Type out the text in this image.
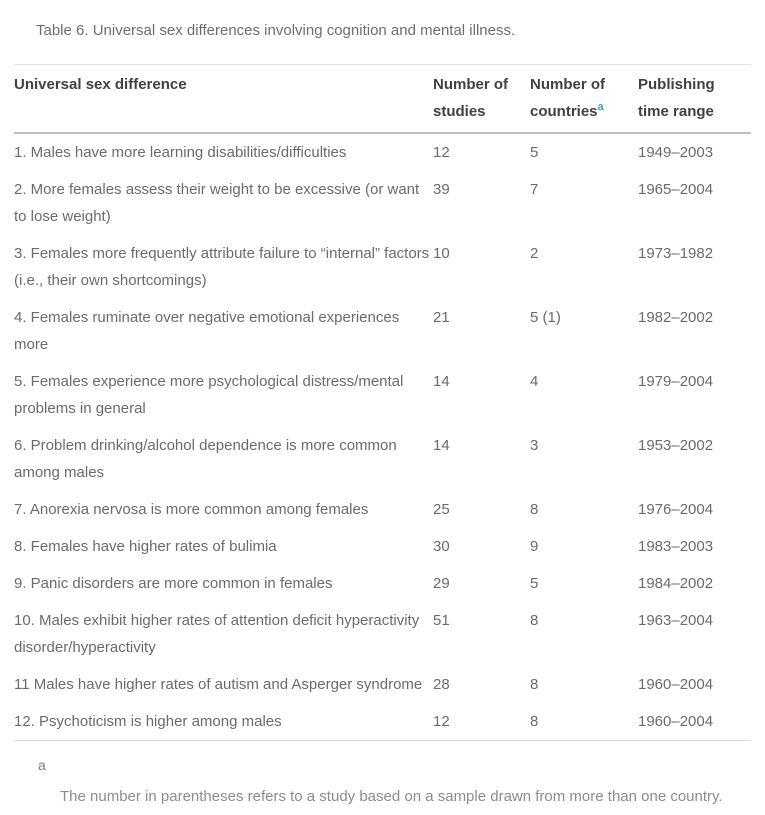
Table 6. Universal sex differences involving cognition and mental illness.
Universal sex difference	Number of studies	Number of countries$^a$	Publishing time range
1. Males have more learning disabilities/difficulties	12	5	1949–2003
2. More females assess their weight to be excessive (or want to lose weight)	39	7	1965–2004
3. Females more frequently attribute failure to “internal” factors (i.e., their own shortcomings)	10	2	1973–1982
4. Females ruminate over negative emotional experiences more	21	5 (1)	1982–2002
5. Females experience more psychological distress/mental problems in general	14	4	1979–2004
6. Problem drinking/alcohol dependence is more common among males	14	3	1953–2002
7. Anorexia nervosa is more common among females	25	8	1976–2004
8. Females have higher rates of bulimia	30	9	1983–2003
9. Panic disorders are more common in females	29	5	1984–2002
10. Males exhibit higher rates of attention deficit hyperactivity disorder/hyperactivity	51	8	1963–2004
11 Males have higher rates of autism and Asperger syndrome	28	8	1960–2004
12. Psychoticism is higher among males	12	8	1960–2004
a
The number in parentheses refers to a study based on a sample drawn from more than one country.
